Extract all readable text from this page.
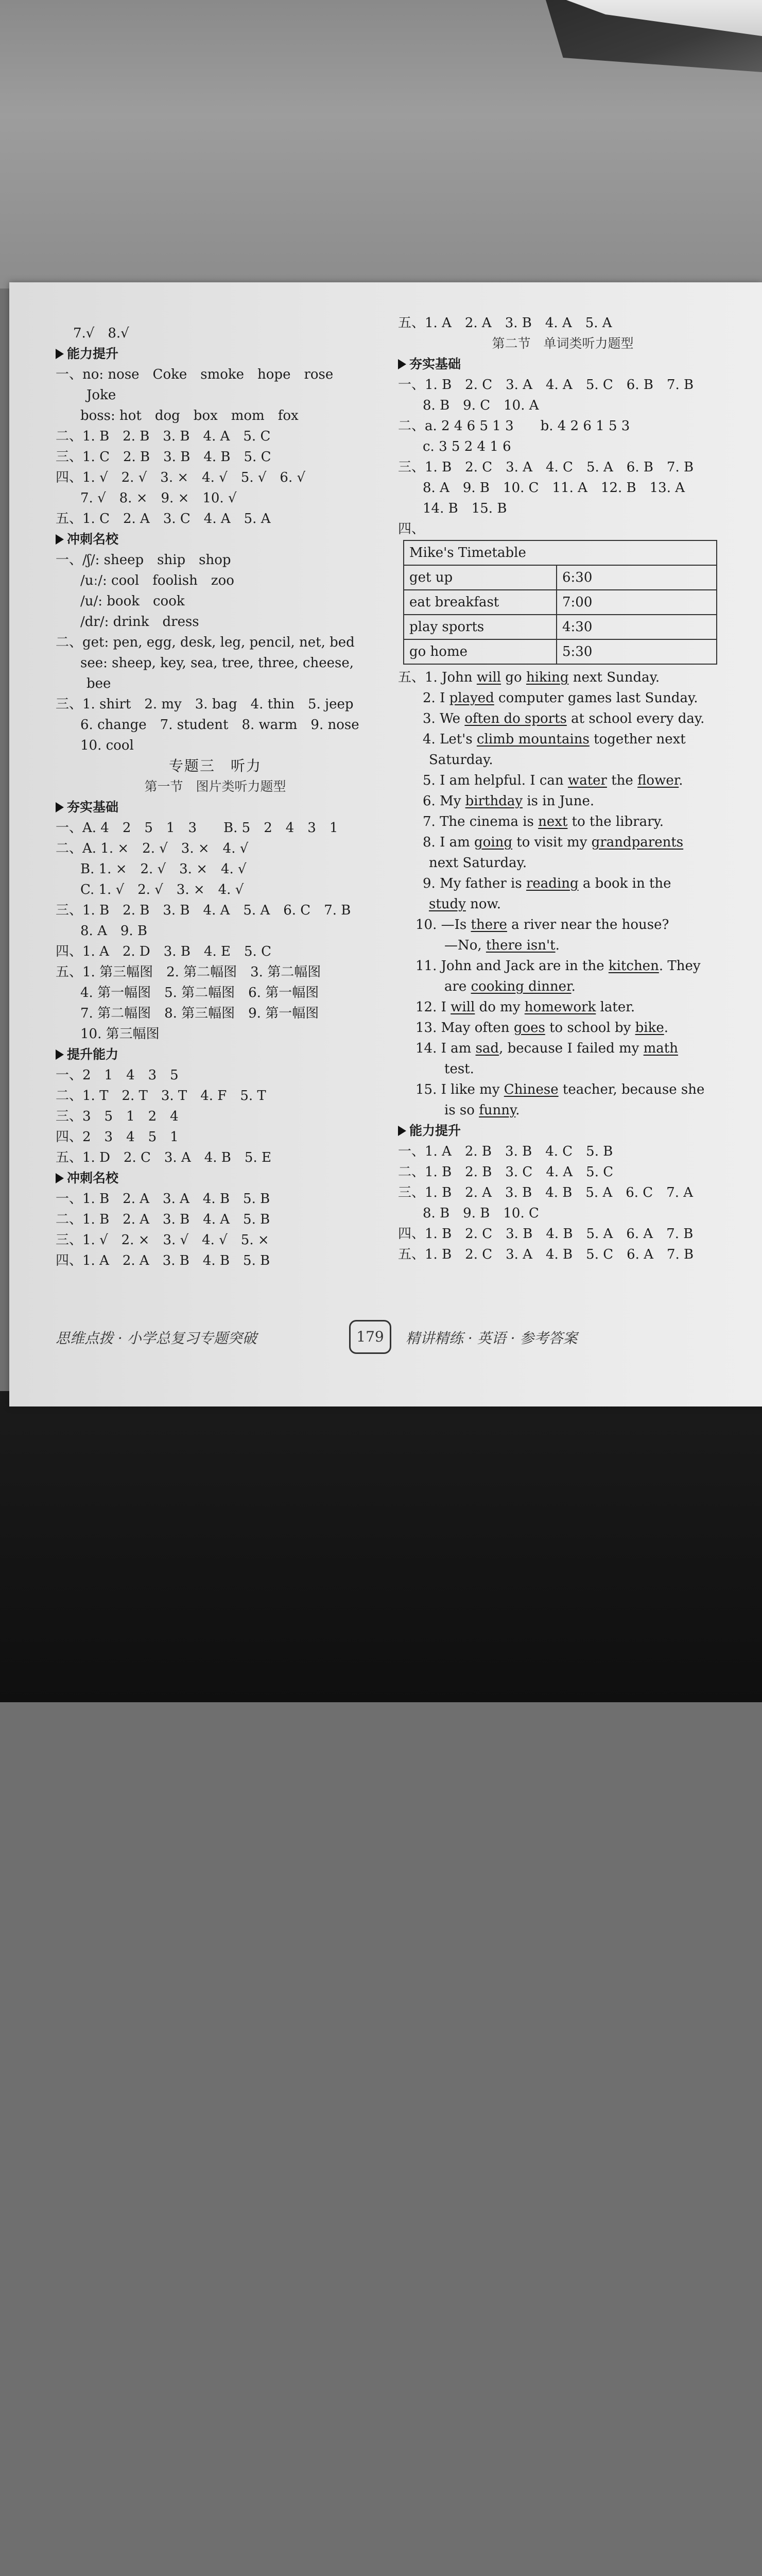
7.√　8.√
能力提升
一、no: nose　Coke　smoke　hope　rose
Joke
boss: hot　dog　box　mom　fox
二、1. B　2. B　3. B　4. A　5. C
三、1. C　2. B　3. B　4. B　5. C
四、1. √　2. √　3. ×　4. √　5. √　6. √
7. √　8. ×　9. ×　10. √
五、1. C　2. A　3. C　4. A　5. A
冲刺名校
一、/ʃ/: sheep　ship　shop
/uː/: cool　foolish　zoo
/u/: book　cook
/dr/: drink　dress
二、get: pen, egg, desk, leg, pencil, net, bed
see: sheep, key, sea, tree, three, cheese,
bee
三、1. shirt　2. my　3. bag　4. thin　5. jeep
6. change　7. student　8. warm　9. nose
10. cool
专题三　听力
第一节　图片类听力题型
夯实基础
一、A. 4　2　5　1　3　　B. 5　2　4　3　1
二、A. 1. ×　2. √　3. ×　4. √
B. 1. ×　2. √　3. ×　4. √
C. 1. √　2. √　3. ×　4. √
三、1. B　2. B　3. B　4. A　5. A　6. C　7. B
8. A　9. B
四、1. A　2. D　3. B　4. E　5. C
五、1. 第三幅图　2. 第二幅图　3. 第二幅图
4. 第一幅图　5. 第二幅图　6. 第一幅图
7. 第二幅图　8. 第三幅图　9. 第一幅图
10. 第三幅图
提升能力
一、2　1　4　3　5
二、1. T　2. T　3. T　4. F　5. T
三、3　5　1　2　4
四、2　3　4　5　1
五、1. D　2. C　3. A　4. B　5. E
冲刺名校
一、1. B　2. A　3. A　4. B　5. B
二、1. B　2. A　3. B　4. A　5. B
三、1. √　2. ×　3. √　4. √　5. ×
四、1. A　2. A　3. B　4. B　5. B
五、1. A　2. A　3. B　4. A　5. A
第二节　单词类听力题型
夯实基础
一、1. B　2. C　3. A　4. A　5. C　6. B　7. B
8. B　9. C　10. A
二、a. 2 4 6 5 1 3　　b. 4 2 6 1 5 3
c. 3 5 2 4 1 6
三、1. B　2. C　3. A　4. C　5. A　6. B　7. B
8. A　9. B　10. C　11. A　12. B　13. A
14. B　15. B
四、
Mike's Timetable	
get up	6:30
eat breakfast	7:00
play sports	4:30
go home	5:30
五、1. John will go hiking next Sunday.
2. I played computer games last Sunday.
3. We often do sports at school every day.
4. Let's climb mountains together next
Saturday.
5. I am helpful. I can water the flower.
6. My birthday is in June.
7. The cinema is next to the library.
8. I am going to visit my grandparents
next Saturday.
9. My father is reading a book in the
study now.
10. —Is there a river near the house?
—No, there isn't.
11. John and Jack are in the kitchen. They
are cooking dinner.
12. I will do my homework later.
13. May often goes to school by bike.
14. I am sad, because I failed my math
test.
15. I like my Chinese teacher, because she
is so funny.
能力提升
一、1. A　2. B　3. B　4. C　5. B
二、1. B　2. B　3. C　4. A　5. C
三、1. B　2. A　3. B　4. B　5. A　6. C　7. A
8. B　9. B　10. C
四、1. B　2. C　3. B　4. B　5. A　6. A　7. B
五、1. B　2. C　3. A　4. B　5. C　6. A　7. B
思维点拨 · 小学总复习专题突破	179	精讲精练 · 英语 · 参考答案
